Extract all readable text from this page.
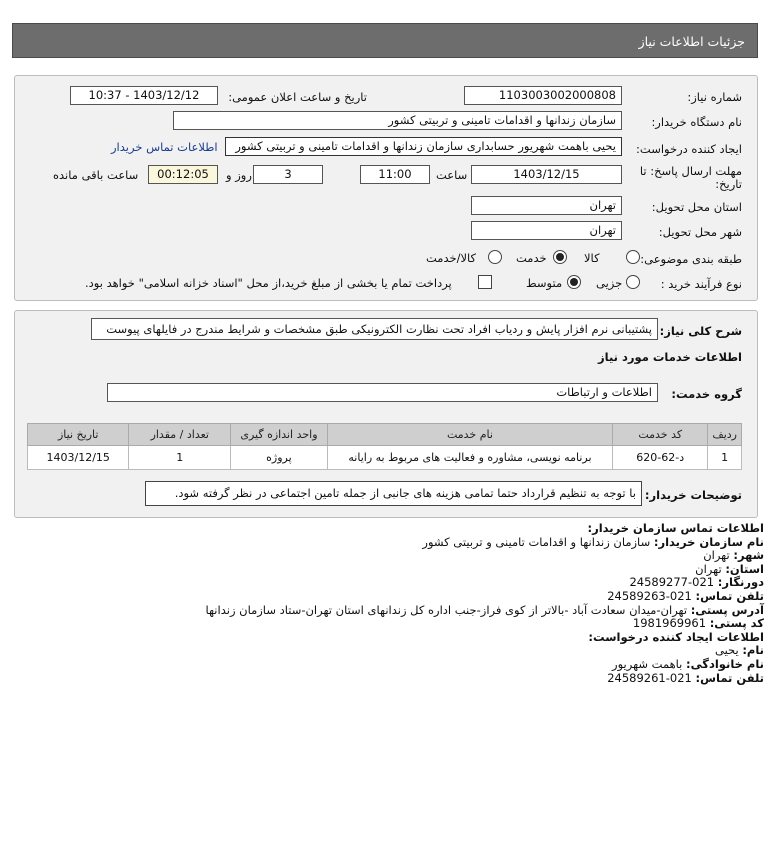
جزئیات اطلاعات نیاز
شماره نیاز:
1103003002000808
تاریخ و ساعت اعلان عمومی:
1403/12/12 - 10:37
نام دستگاه خریدار:
سازمان زندانها و اقدامات تامینی و تربیتی کشور
ایجاد کننده درخواست:
یحیی باهمت شهریور حسابداری سازمان زندانها و اقدامات تامینی و تربیتی کشور
اطلاعات تماس خریدار
مهلت ارسال پاسخ: تا
تاریخ:
1403/12/15
ساعت
11:00
3
روز و
00:12:05
ساعت باقی مانده
استان محل تحویل:
تهران
شهر محل تحویل:
تهران
طبقه بندی موضوعی:
کالا
خدمت
کالا/خدمت
نوع فرآیند خرید :
جزیی
متوسط
پرداخت تمام یا بخشی از مبلغ خرید،از محل "اسناد خزانه اسلامی" خواهد بود.
شرح کلی نیاز:
پشتیبانی نرم افزار پایش و ردیاب افراد تحت نظارت الکترونیکی طبق مشخصات و شرایط مندرج در فایلهای پیوست
اطلاعات خدمات مورد نیاز
گروه خدمت:
اطلاعات و ارتباطات
ردیف	کد خدمت	نام خدمت	واحد اندازه گیری	تعداد / مقدار	تاریخ نیاز
1	د-62-620	برنامه نویسی، مشاوره و فعالیت های مربوط به رایانه	پروژه	1	1403/12/15
توضیحات خریدار:
با توجه به تنظیم قرارداد حتما تمامی هزینه های جانبی از جمله تامین اجتماعی در نظر گرفته شود.
اطلاعات تماس سازمان خریدار:
نام سازمان خریدار: سازمان زندانها و اقدامات تامینی و تربیتی کشور
شهر: تهران
استان: تهران
دورنگار: 021-24589277
تلفن تماس: 021-24589263
آدرس پستی: تهران-میدان سعادت آباد -بالاتر از کوی فراز-جنب اداره کل زندانهای استان تهران-ستاد سازمان زندانها
کد پستی: 1981969961
اطلاعات ایجاد کننده درخواست:
نام: یحیی
نام خانوادگی: باهمت شهریور
تلفن تماس: 021-24589261
